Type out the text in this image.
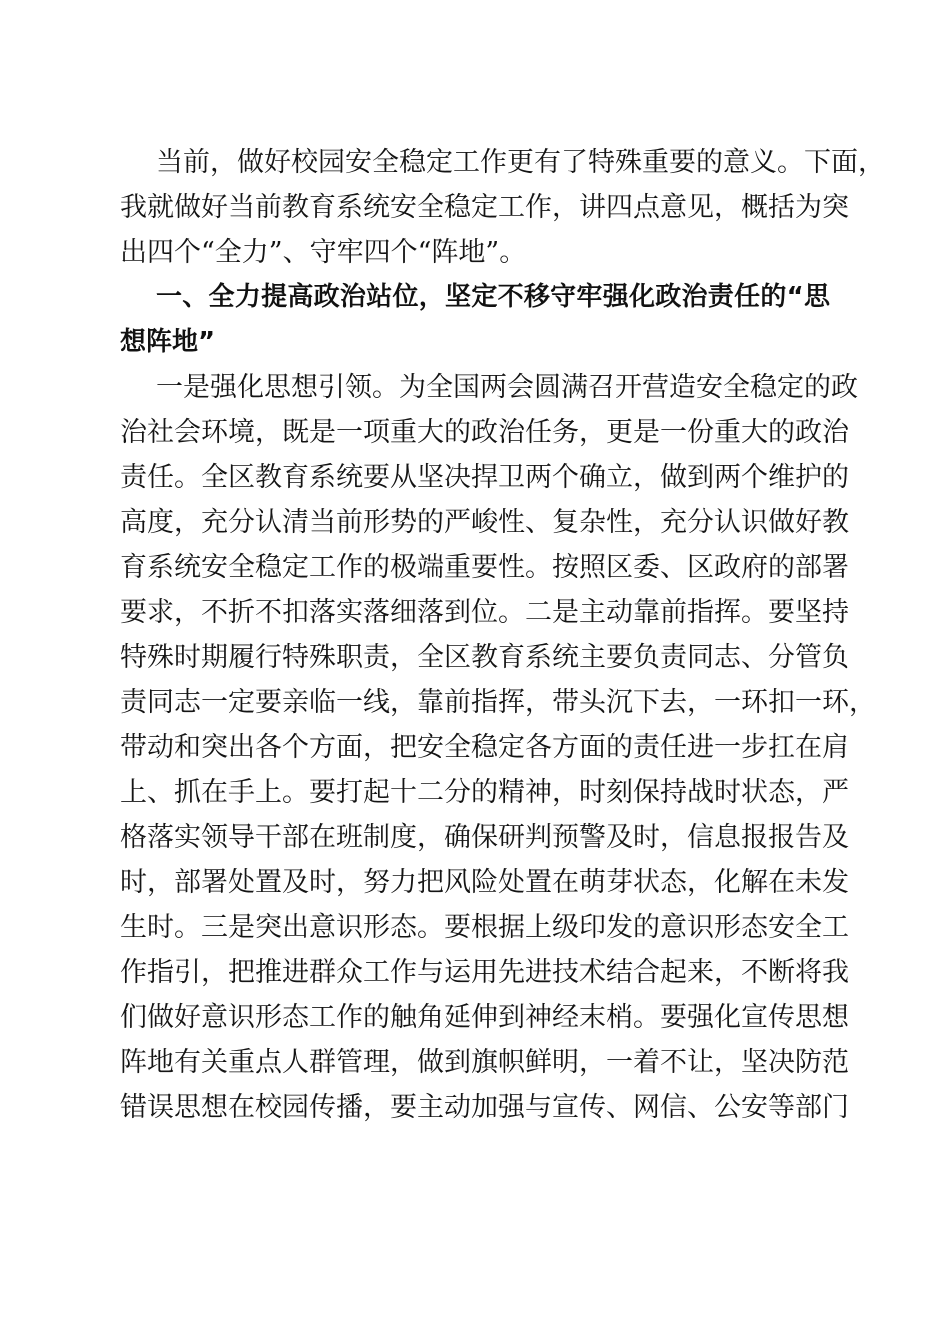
当前，做好校园安全稳定工作更有了特殊重要的意义。下面，
我就做好当前教育系统安全稳定工作，讲四点意见，概括为突
出四个“全力”、守牢四个“阵地”。
一、全力提高政治站位，坚定不移守牢强化政治责任的“思
想阵地”
一是强化思想引领。为全国两会圆满召开营造安全稳定的政
治社会环境，既是一项重大的政治任务，更是一份重大的政治
责任。全区教育系统要从坚决捍卫两个确立，做到两个维护的
高度，充分认清当前形势的严峻性、复杂性，充分认识做好教
育系统安全稳定工作的极端重要性。按照区委、区政府的部署
要求，不折不扣落实落细落到位。二是主动靠前指挥。要坚持
特殊时期履行特殊职责，全区教育系统主要负责同志、分管负
责同志一定要亲临一线，靠前指挥，带头沉下去，一环扣一环，
带动和突出各个方面，把安全稳定各方面的责任进一步扛在肩
上、抓在手上。要打起十二分的精神，时刻保持战时状态，严
格落实领导干部在班制度，确保研判预警及时，信息报报告及
时，部署处置及时，努力把风险处置在萌芽状态，化解在未发
生时。三是突出意识形态。要根据上级印发的意识形态安全工
作指引，把推进群众工作与运用先进技术结合起来，不断将我
们做好意识形态工作的触角延伸到神经末梢。要强化宣传思想
阵地有关重点人群管理，做到旗帜鲜明，一着不让，坚决防范
错误思想在校园传播，要主动加强与宣传、网信、公安等部门
